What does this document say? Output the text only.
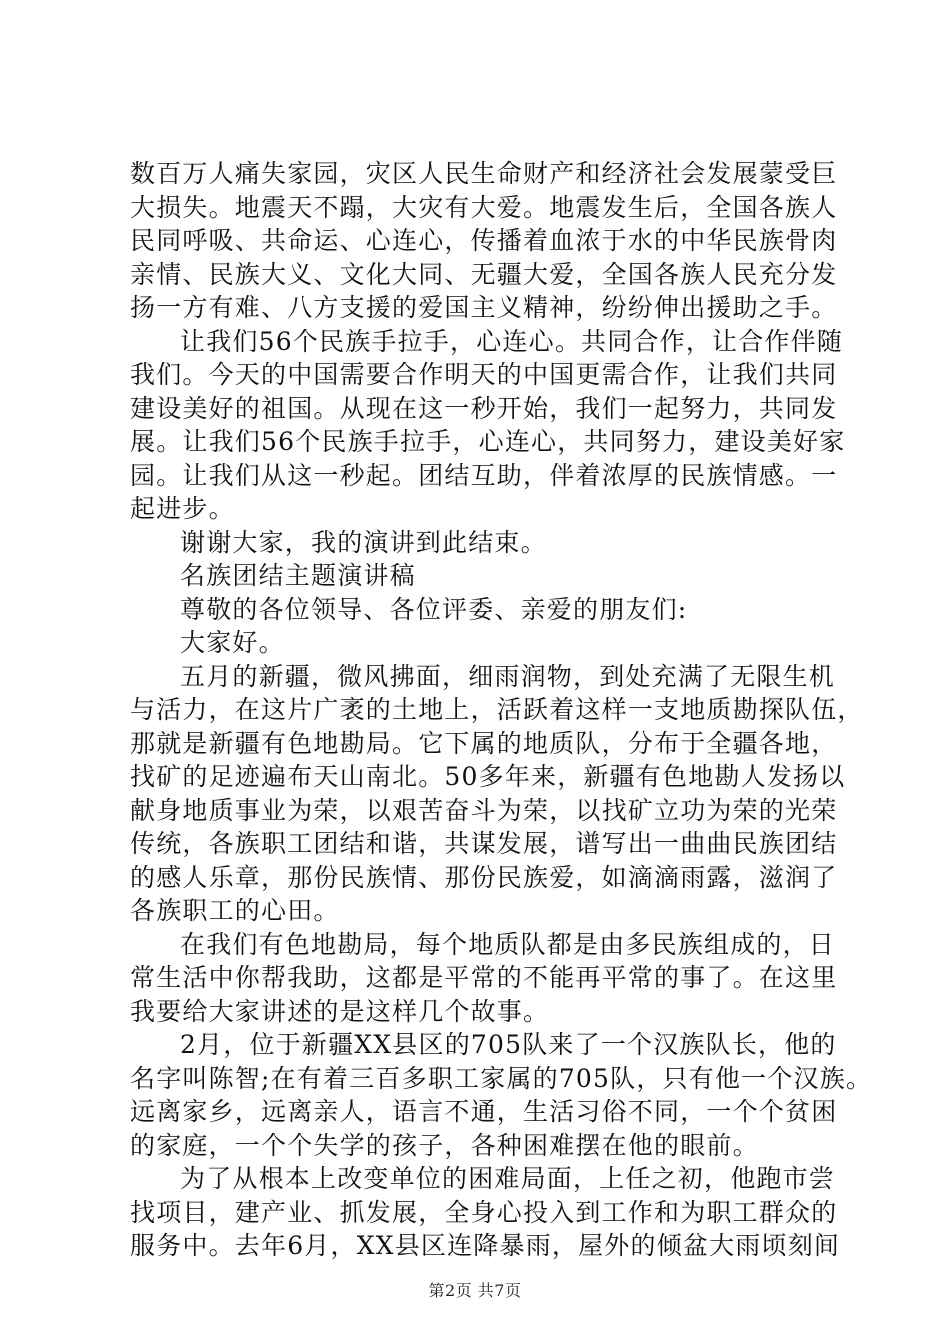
数百万人痛失家园，灾区人民生命财产和经济社会发展蒙受巨
大损失。地震天不蹋，大灾有大爱。地震发生后，全国各族人
民同呼吸、共命运、心连心，传播着血浓于水的中华民族骨肉
亲情、民族大义、文化大同、无疆大爱，全国各族人民充分发
扬一方有难、八方支援的爱国主义精神，纷纷伸出援助之手。
让我们56个民族手拉手，心连心。共同合作，让合作伴随
我们。今天的中国需要合作明天的中国更需合作，让我们共同
建设美好的祖国。从现在这一秒开始，我们一起努力，共同发
展。让我们56个民族手拉手，心连心，共同努力，建设美好家
园。让我们从这一秒起。团结互助，伴着浓厚的民族情感。一
起进步。
谢谢大家，我的演讲到此结束。
名族团结主题演讲稿
尊敬的各位领导、各位评委、亲爱的朋友们:
大家好。
五月的新疆，微风拂面，细雨润物，到处充满了无限生机
与活力，在这片广袤的土地上，活跃着这样一支地质勘探队伍，
那就是新疆有色地勘局。它下属的地质队，分布于全疆各地，
找矿的足迹遍布天山南北。50多年来，新疆有色地勘人发扬以
献身地质事业为荣，以艰苦奋斗为荣，以找矿立功为荣的光荣
传统，各族职工团结和谐，共谋发展，谱写出一曲曲民族团结
的感人乐章，那份民族情、那份民族爱，如滴滴雨露，滋润了
各族职工的心田。
在我们有色地勘局，每个地质队都是由多民族组成的，日
常生活中你帮我助，这都是平常的不能再平常的事了。在这里
我要给大家讲述的是这样几个故事。
2月，位于新疆XX县区的705队来了一个汉族队长，他的
名字叫陈智;在有着三百多职工家属的705队，只有他一个汉族。
远离家乡，远离亲人，语言不通，生活习俗不同，一个个贫困
的家庭，一个个失学的孩子，各种困难摆在他的眼前。
为了从根本上改变单位的困难局面，上任之初，他跑市尝
找项目，建产业、抓发展，全身心投入到工作和为职工群众的
服务中。去年6月，XX县区连降暴雨，屋外的倾盆大雨顷刻间
第2页 共7页
